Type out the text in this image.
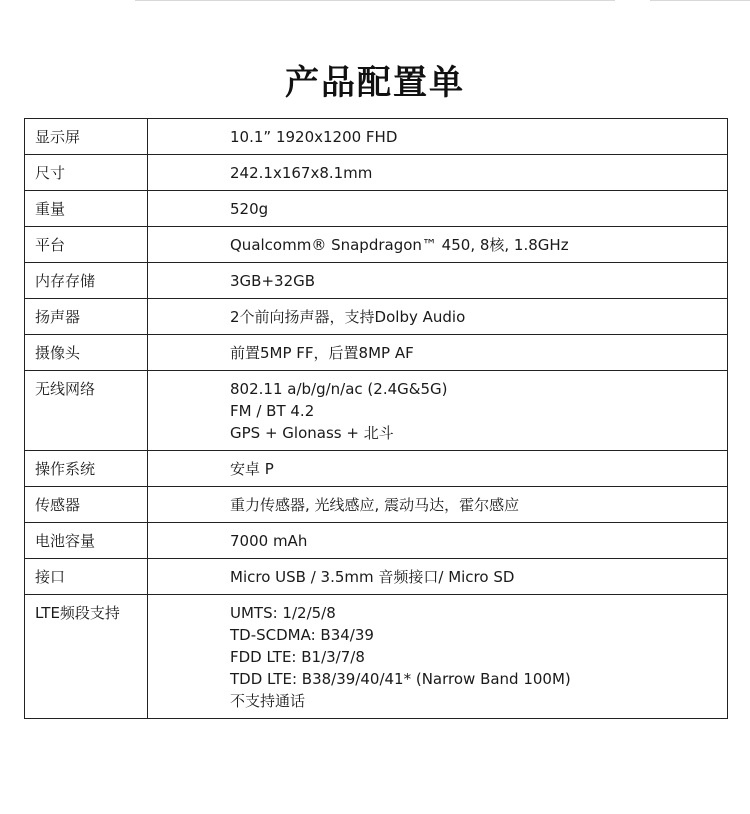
产品配置单
显示屏	10.1” 1920x1200 FHD

尺寸	242.1x167x8.1mm

重量	520g

平台	Qualcomm® Snapdragon™ 450, 8核, 1.8GHz

内存存储	3GB+32GB

扬声器	2个前向扬声器，支持Dolby Audio

摄像头	前置5MP FF，后置8MP AF

无线网络	802.11 a/b/g/n/ac (2.4G&5G)
FM / BT 4.2
GPS + Glonass + 北斗

操作系统	安卓 P

传感器	重力传感器, 光线感应, 震动马达，霍尔感应

电池容量	7000 mAh

接口	Micro USB / 3.5mm 音频接口/ Micro SD

LTE频段支持	UMTS: 1/2/5/8
TD-SCDMA: B34/39
FDD LTE: B1/3/7/8
TDD LTE: B38/39/40/41* (Narrow Band 100M)
不支持通话
